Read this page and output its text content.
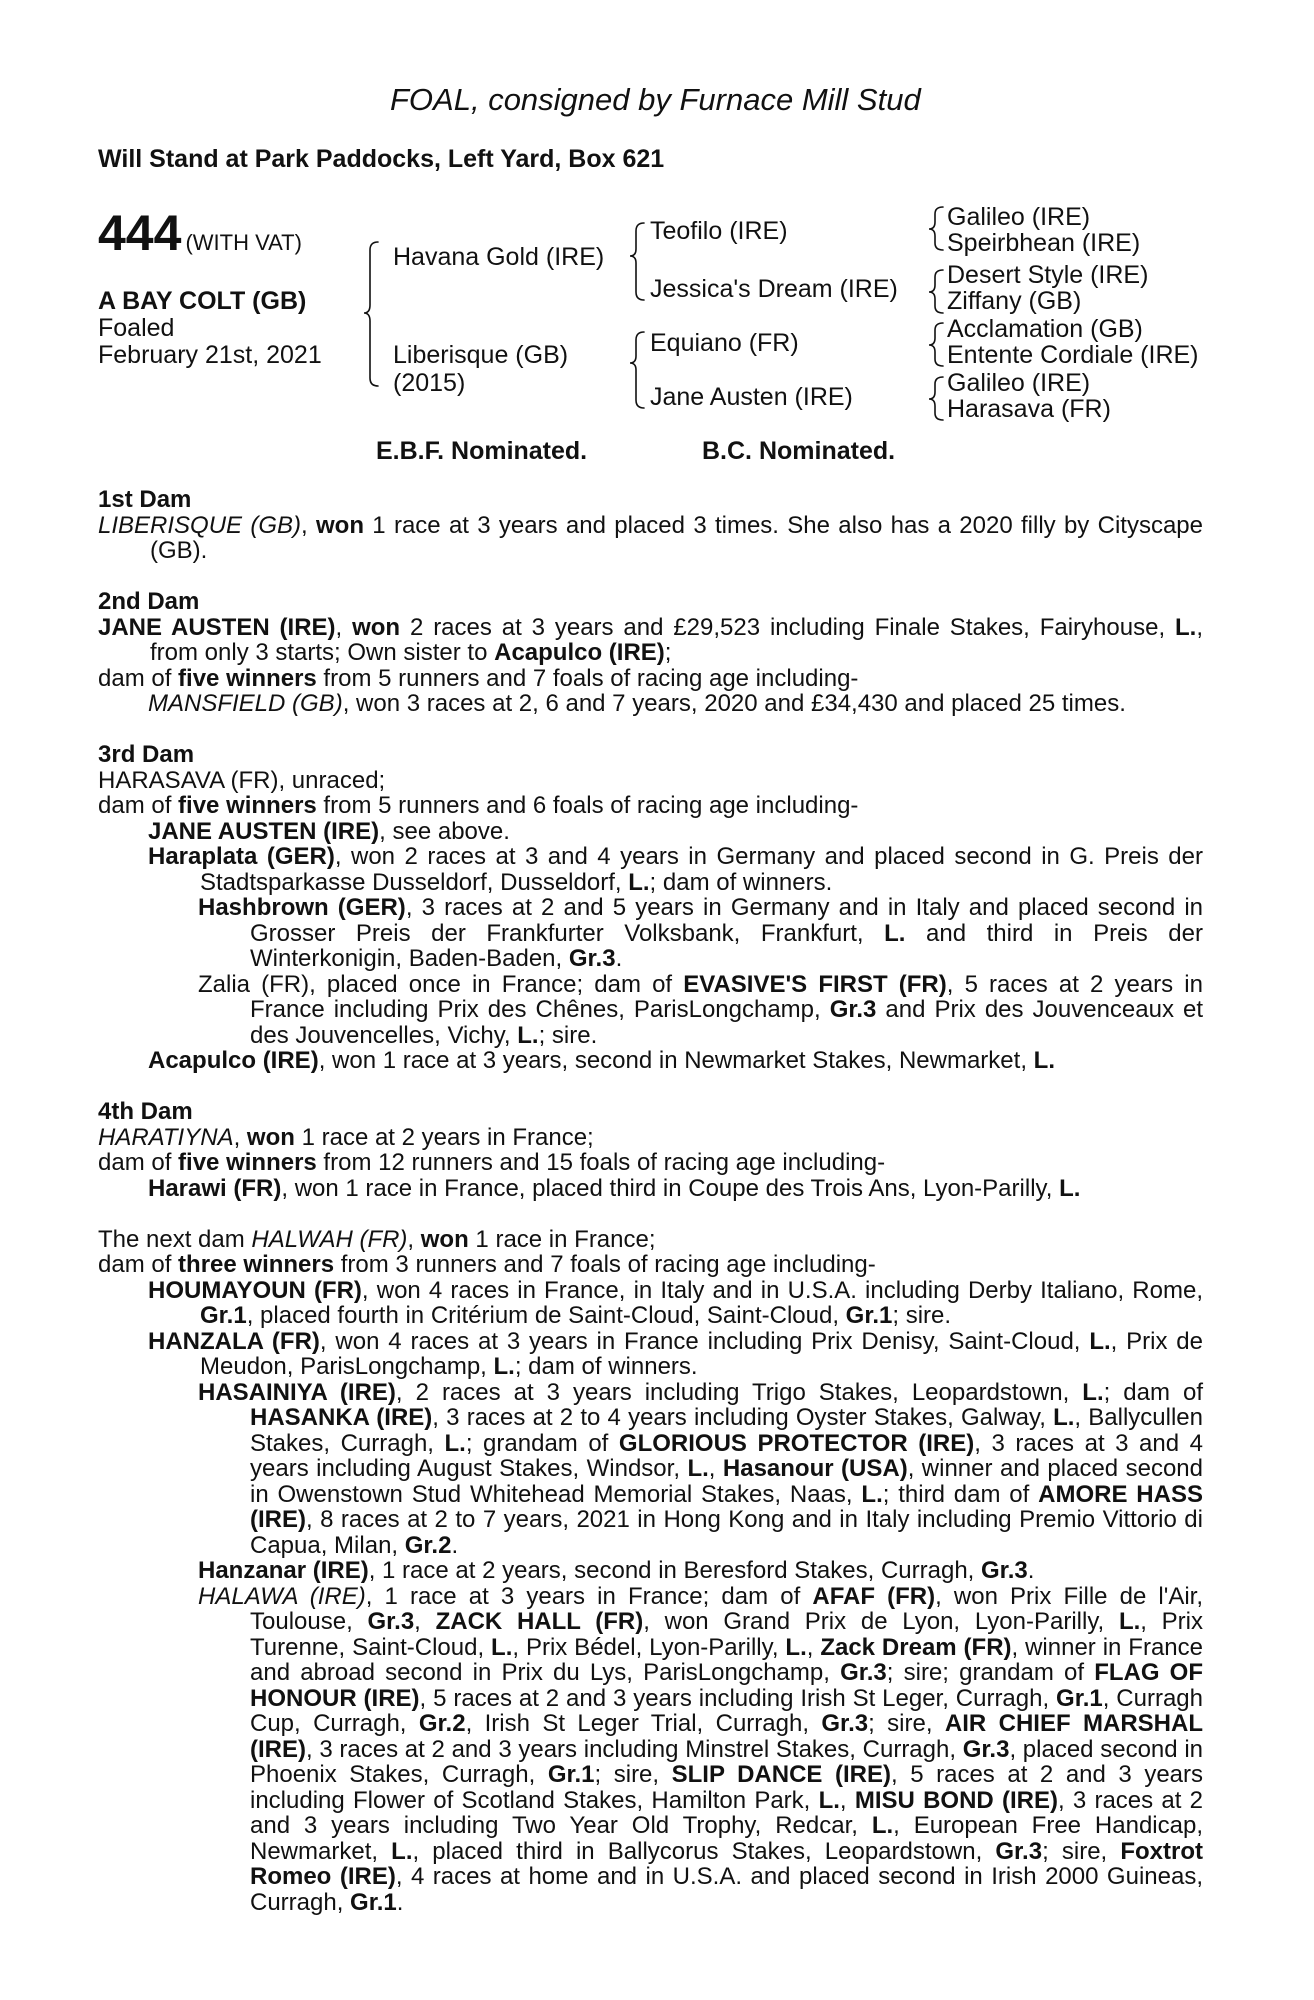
FOAL, consigned by Furnace Mill Stud
Will Stand at Park Paddocks, Left Yard, Box 621
444 (WITH VAT)
A BAY COLT (GB)
Foaled
February 21st, 2021
Havana Gold (IRE)
Liberisque (GB)
(2015)
Teofilo (IRE)
Jessica's Dream (IRE)
Equiano (FR)
Jane Austen (IRE)
Galileo (IRE)
Speirbhean (IRE)
Desert Style (IRE)
Ziffany (GB)
Acclamation (GB)
Entente Cordiale (IRE)
Galileo (IRE)
Harasava (FR)
E.B.F. Nominated.	B.C. Nominated.
1st Dam
LIBERISQUE (GB), won 1 race at 3 years and placed 3 times. She also has a 2020 filly by Cityscape (GB).
2nd Dam
JANE AUSTEN (IRE), won 2 races at 3 years and £29,523 including Finale Stakes, Fairyhouse, L., from only 3 starts; Own sister to Acapulco (IRE);
dam of five winners from 5 runners and 7 foals of racing age including-
MANSFIELD (GB), won 3 races at 2, 6 and 7 years, 2020 and £34,430 and placed 25 times.
3rd Dam
HARASAVA (FR), unraced;
dam of five winners from 5 runners and 6 foals of racing age including-
JANE AUSTEN (IRE), see above.
Haraplata (GER), won 2 races at 3 and 4 years in Germany and placed second in G. Preis der Stadtsparkasse Dusseldorf, Dusseldorf, L.; dam of winners.
Hashbrown (GER), 3 races at 2 and 5 years in Germany and in Italy and placed second in Grosser Preis der Frankfurter Volksbank, Frankfurt, L. and third in Preis der Winterkonigin, Baden-Baden, Gr.3.
Zalia (FR), placed once in France; dam of EVASIVE'S FIRST (FR), 5 races at 2 years in France including Prix des Chênes, ParisLongchamp, Gr.3 and Prix des Jouvenceaux et des Jouvencelles, Vichy, L.; sire.
Acapulco (IRE), won 1 race at 3 years, second in Newmarket Stakes, Newmarket, L.
4th Dam
HARATIYNA, won 1 race at 2 years in France;
dam of five winners from 12 runners and 15 foals of racing age including-
Harawi (FR), won 1 race in France, placed third in Coupe des Trois Ans, Lyon-Parilly, L.
The next dam HALWAH (FR), won 1 race in France;
dam of three winners from 3 runners and 7 foals of racing age including-
HOUMAYOUN (FR), won 4 races in France, in Italy and in U.S.A. including Derby Italiano, Rome, Gr.1, placed fourth in Critérium de Saint-Cloud, Saint-Cloud, Gr.1; sire.
HANZALA (FR), won 4 races at 3 years in France including Prix Denisy, Saint-Cloud, L., Prix de Meudon, ParisLongchamp, L.; dam of winners.
HASAINIYA (IRE), 2 races at 3 years including Trigo Stakes, Leopardstown, L.; dam of HASANKA (IRE), 3 races at 2 to 4 years including Oyster Stakes, Galway, L., Ballycullen Stakes, Curragh, L.; grandam of GLORIOUS PROTECTOR (IRE), 3 races at 3 and 4 years including August Stakes, Windsor, L., Hasanour (USA), winner and placed second in Owenstown Stud Whitehead Memorial Stakes, Naas, L.; third dam of AMORE HASS (IRE), 8 races at 2 to 7 years, 2021 in Hong Kong and in Italy including Premio Vittorio di Capua, Milan, Gr.2.
Hanzanar (IRE), 1 race at 2 years, second in Beresford Stakes, Curragh, Gr.3.
HALAWA (IRE), 1 race at 3 years in France; dam of AFAF (FR), won Prix Fille de l'Air, Toulouse, Gr.3, ZACK HALL (FR), won Grand Prix de Lyon, Lyon-Parilly, L., Prix Turenne, Saint-Cloud, L., Prix Bédel, Lyon-Parilly, L., Zack Dream (FR), winner in France and abroad second in Prix du Lys, ParisLongchamp, Gr.3; sire; grandam of FLAG OF HONOUR (IRE), 5 races at 2 and 3 years including Irish St Leger, Curragh, Gr.1, Curragh Cup, Curragh, Gr.2, Irish St Leger Trial, Curragh, Gr.3; sire, AIR CHIEF MARSHAL (IRE), 3 races at 2 and 3 years including Minstrel Stakes, Curragh, Gr.3, placed second in Phoenix Stakes, Curragh, Gr.1; sire, SLIP DANCE (IRE), 5 races at 2 and 3 years including Flower of Scotland Stakes, Hamilton Park, L., MISU BOND (IRE), 3 races at 2 and 3 years including Two Year Old Trophy, Redcar, L., European Free Handicap, Newmarket, L., placed third in Ballycorus Stakes, Leopardstown, Gr.3; sire, Foxtrot Romeo (IRE), 4 races at home and in U.S.A. and placed second in Irish 2000 Guineas, Curragh, Gr.1.
